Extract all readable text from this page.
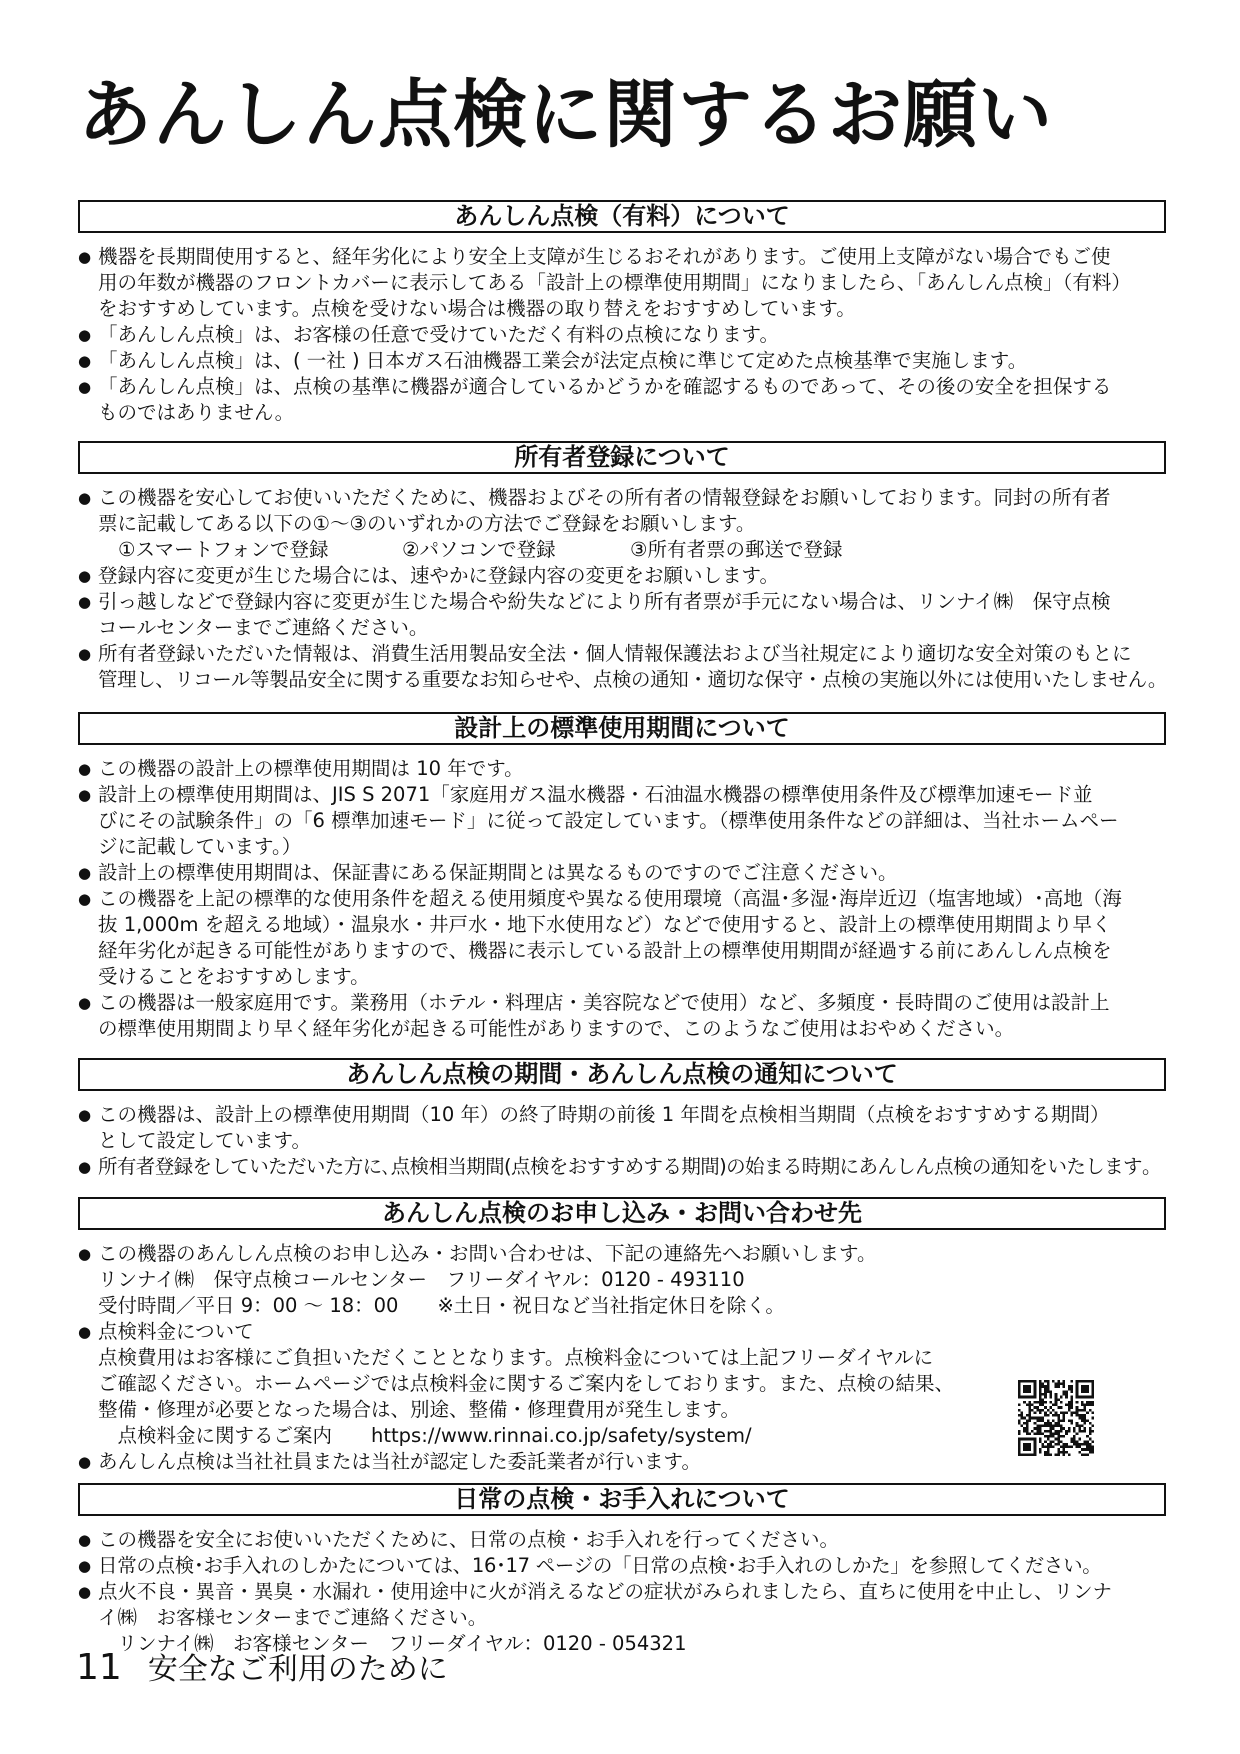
あんしん点検に関するお願い
あんしん点検（有料）について
● 機器を長期間使用すると、経年劣化により安全上支障が生じるおそれがあります。ご使用上支障がない場合でもご使
用の年数が機器のフロントカバーに表示してある「設計上の標準使用期間」になりましたら、「あんしん点検」（有料）
をおすすめしています。点検を受けない場合は機器の取り替えをおすすめしています。
● 「あんしん点検」は、お客様の任意で受けていただく有料の点検になります。
● 「あんしん点検」は、( 一社 ) 日本ガス石油機器工業会が法定点検に準じて定めた点検基準で実施します。
● 「あんしん点検」は、点検の基準に機器が適合しているかどうかを確認するものであって、その後の安全を担保する
ものではありません。
所有者登録について
● この機器を安心してお使いいただくために、機器およびその所有者の情報登録をお願いしております。同封の所有者
票に記載してある以下の①～③のいずれかの方法でご登録をお願いします。
①スマートフォンで登録	②パソコンで登録	③所有者票の郵送で登録
● 登録内容に変更が生じた場合には、速やかに登録内容の変更をお願いします。
● 引っ越しなどで登録内容に変更が生じた場合や紛失などにより所有者票が手元にない場合は、リンナイ㈱　保守点検
コールセンターまでご連絡ください。
● 所有者登録いただいた情報は、消費生活用製品安全法・個人情報保護法および当社規定により適切な安全対策のもとに
管理し、リコール等製品安全に関する重要なお知らせや、点検の通知・適切な保守・点検の実施以外には使用いたしません。
設計上の標準使用期間について
● この機器の設計上の標準使用期間は 10 年です。
● 設計上の標準使用期間は、JIS S 2071「家庭用ガス温水機器・石油温水機器の標準使用条件及び標準加速モード並
びにその試験条件」の「6 標準加速モード」に従って設定しています。（標準使用条件などの詳細は、当社ホームペー
ジに記載しています。）
● 設計上の標準使用期間は、保証書にある保証期間とは異なるものですのでご注意ください。
● この機器を上記の標準的な使用条件を超える使用頻度や異なる使用環境（高温･多湿･海岸近辺（塩害地域）･高地（海
抜 1,000m を超える地域）・温泉水・井戸水・地下水使用など）などで使用すると、設計上の標準使用期間より早く
経年劣化が起きる可能性がありますので、機器に表示している設計上の標準使用期間が経過する前にあんしん点検を
受けることをおすすめします。
● この機器は一般家庭用です。業務用（ホテル・料理店・美容院などで使用）など、多頻度・長時間のご使用は設計上
の標準使用期間より早く経年劣化が起きる可能性がありますので、このようなご使用はおやめください。
あんしん点検の期間・あんしん点検の通知について
● この機器は、設計上の標準使用期間（10 年）の終了時期の前後 1 年間を点検相当期間（点検をおすすめする期間）
として設定しています。
● 所有者登録をしていただいた方に､点検相当期間(点検をおすすめする期間)の始まる時期にあんしん点検の通知をいたします｡
あんしん点検のお申し込み・お問い合わせ先
● この機器のあんしん点検のお申し込み・お問い合わせは、下記の連絡先へお願いします。
リンナイ㈱　保守点検コールセンター　フリーダイヤル：0120 - 493110
受付時間／平日 9：00 ～ 18：00　　※土日・祝日など当社指定休日を除く。
● 点検料金について
点検費用はお客様にご負担いただくこととなります。点検料金については上記フリーダイヤルに
ご確認ください。ホームページでは点検料金に関するご案内をしております。また、点検の結果、
整備・修理が必要となった場合は、別途、整備・修理費用が発生します。
　点検料金に関するご案内　　https://www.rinnai.co.jp/safety/system/
● あんしん点検は当社社員または当社が認定した委託業者が行います。
日常の点検・お手入れについて
● この機器を安全にお使いいただくために、日常の点検・お手入れを行ってください。
● 日常の点検･お手入れのしかたについては、16･17 ページの「日常の点検･お手入れのしかた」を参照してください。
● 点火不良・異音・異臭・水漏れ・使用途中に火が消えるなどの症状がみられましたら、直ちに使用を中止し、リンナ
イ㈱　お客様センターまでご連絡ください。
　リンナイ㈱　お客様センター　フリーダイヤル：0120 - 054321
11 安全なご利用のために
